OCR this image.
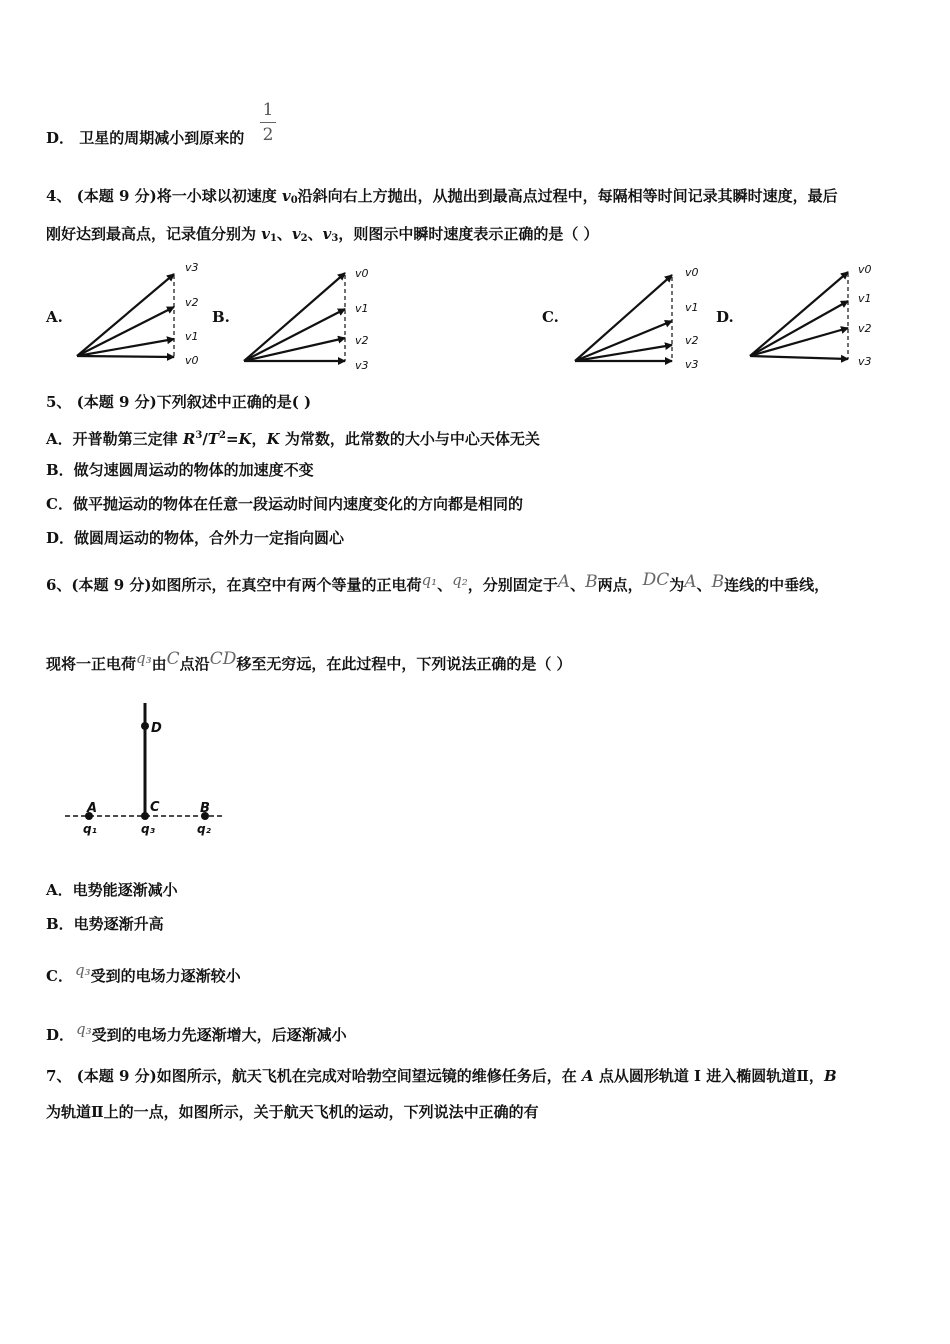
D． 卫星的周期减小到原来的
1
2
4、 (本题 9 分)将一小球以初速度 $v_0$沿斜向右上方抛出，从抛出到最高点过程中，每隔相等时间记录其瞬时速度，最后
刚好达到最高点，记录值分别为 $v_1$、$v_2$、$v_3$，则图示中瞬时速度表示正确的是（ ）
A.	B.	C.	D.
v3
v2
v1
v0
v0
v1
v2
v3
v0
v1
v2
v3
v0
v1
v2
v3
5、 (本题 9 分)下列叙述中正确的是( )
A．开普勒第三定律 $R^3/T^2=K$，K 为常数，此常数的大小与中心天体无关
B．做匀速圆周运动的物体的加速度不变
C．做平抛运动的物体在任意一段运动时间内速度变化的方向都是相同的
D．做圆周运动的物体，合外力一定指向圆心
6、(本题 9 分)如图所示，在真空中有两个等量的正电荷q₁、q₂，分别固定于A、B两点，DC为A、B连线的中垂线，
现将一正电荷q₃由C点沿CD移至无穷远，在此过程中，下列说法正确的是（ ）
D
C
A	B
q₁	q₃	q₂
A．电势能逐渐减小
B．电势逐渐升高
C． q₃受到的电场力逐渐较小
D． q₃受到的电场力先逐渐增大，后逐渐减小
7、 (本题 9 分)如图所示，航天飞机在完成对哈勃空间望远镜的维修任务后，在 A 点从圆形轨道 I 进入椭圆轨道Ⅱ，B
为轨道Ⅱ上的一点，如图所示，关于航天飞机的运动，下列说法中正确的有
